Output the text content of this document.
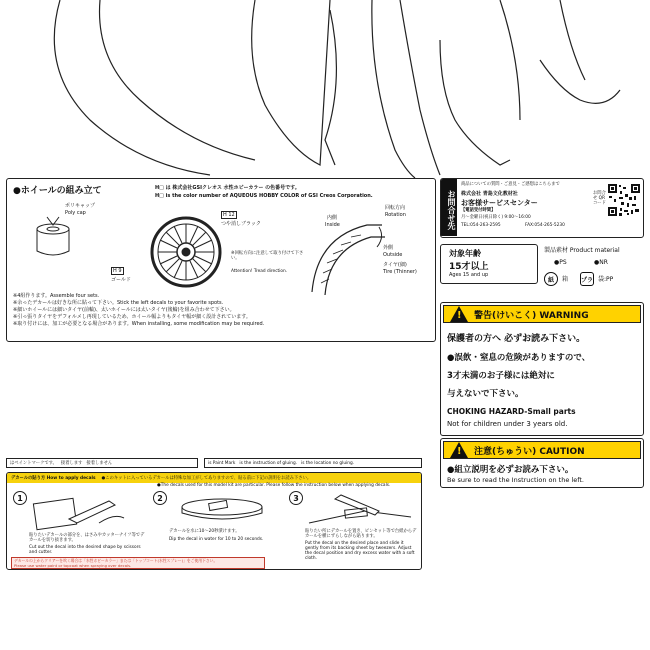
●ホイールの組み立て	H□ は 株式会社GSIクレオス 水性ホビーカラー の色番号です。
H□ is the color number of AQUEOUS HOBBY COLOR of GSI Creos Corporation.
ポリキャップ
Poly cap	H 12
つや消しブラック
H 9
ゴールド
※回転方向に注意して取り付けて下さい。
Attention! Tread direction.
内側
Inside
回転方向
Rotation
外側
Outside
タイヤ(細)
Tire (Thinner)
※4組作ります。Assemble four sets.
※余ったデカールは好きな所に貼って下さい。Stick the left decals to your favorite spots.
※細いホイールには細いタイヤ(前輪)、太いホイールには太いタイヤ(後輪)を組み合わせて下さい。
※引っ張りタイヤをデフォルメし再現しているため、ホイール幅よりもタイヤ幅が細く設計されています。
※取り付けには、加工が必要となる場合があります。When installing, some modification may be required.
はペイントマークです。 接着します 接着しません	is Paint Mark is the instruction of gluing. is the location no gluing.
デカールの貼り方 How to apply decals ●このキットに入っているデカールは特殊な加工がしてありますので、貼る前に下記の説明をお読み下さい。
●The decals used for this model kit are particular. Please follow the instruction below when applying decals.
1
貼りたいデカールの部分を、はさみやカッターナイフ等でデカールを切り抜きます。
Cut out the decal into the desired shape by scissors and cutter.
2
デカールを水に10〜20秒漬けます。
Dip the decal in water for 10 to 20 seconds.
3
貼りたい所にデカールを置き、ピンセット等で台紙からデカールを横にずらしながら貼ります。
Put the decal on the desired place and slide it gently from its backing sheet by tweezers. Adjust the decal position and dry excess water with a soft cloth.
デカールの上からクリアーを吹く場合は「水性ホビーカラー」または「トップコート(水性スプレー)」をご使用下さい。
Please use water paint or topcoat when spraying over decals.
お問合せ先
商品についての質問・ご意見・ご感想はこちらまで
株式会社 青島文化教材社
お客様サービスセンター
【電話受付時間】
月〜金曜日(祝日除く) 9:00〜16:00
TEL:054-263-2595	FAX:054-265-5230
お問合せ QRコード
対象年齢
15才以上
Ages 15 and up
製品素材 Product material
●PS	●NR
紙	箱 プラ 袋:PP
! 警告(けいこく) WARNING
保護者の方へ 必ずお読み下さい。
●誤飲・窒息の危険がありますので、
3才未満のお子様には絶対に
与えないで下さい。
CHOKING HAZARD-Small parts
Not for children under 3 years old.
! 注意(ちゅうい) CAUTION
●組立説明を必ずお読み下さい。
Be sure to read the Instruction on the left.
